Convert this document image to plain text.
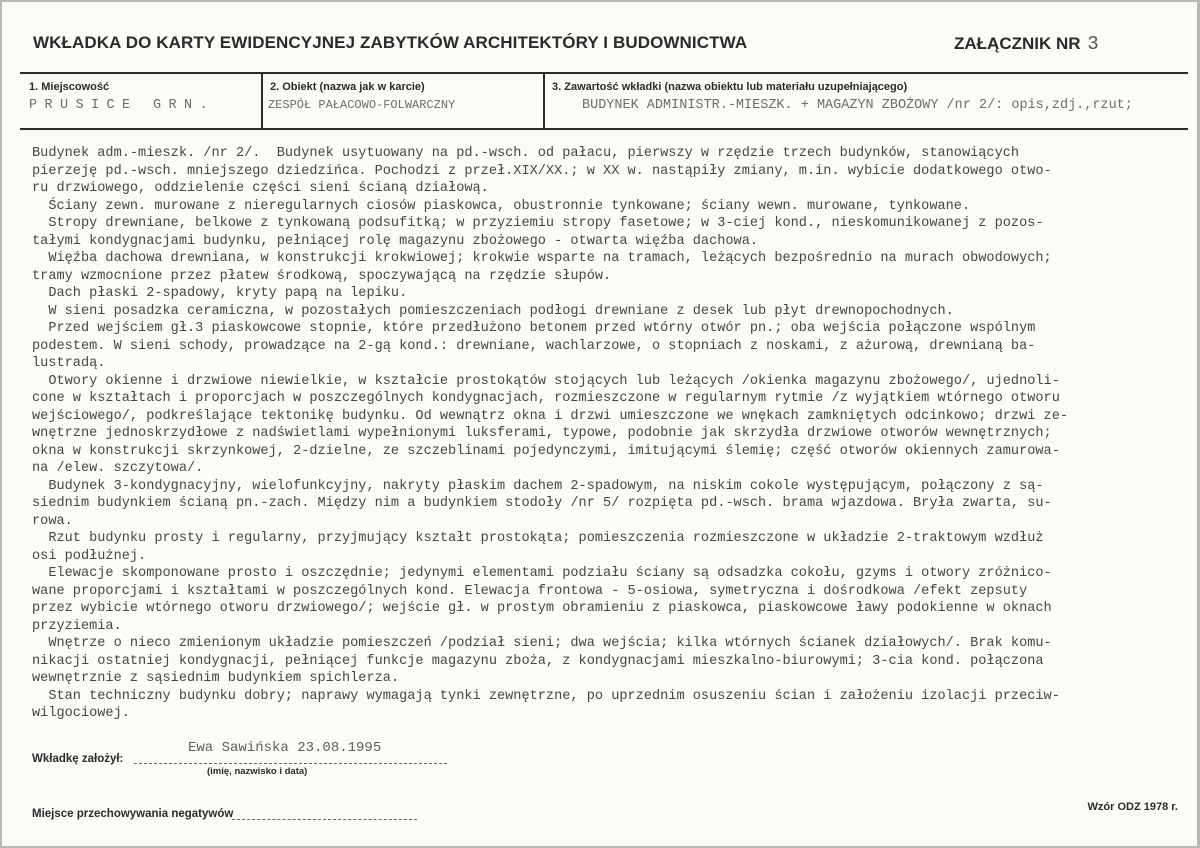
WKŁADKA DO KARTY EWIDENCYJNEJ ZABYTKÓW ARCHITEKTÓRY I BUDOWNICTWA	ZAŁĄCZNIK NR 3
1. Miejscowość
PRUSICE GRN.
2. Obiekt (nazwa jak w karcie)
ZESPÓŁ PAŁACOWO-FOLWARCZNY
3. Zawartość wkładki (nazwa obiektu lub materiału uzupełniającego)
BUDYNEK ADMINISTR.-MIESZK. + MAGAZYN ZBOŻOWY /nr 2/: opis,zdj.,rzut;
Budynek adm.-mieszk. /nr 2/.  Budynek usytuowany na pd.-wsch. od pałacu, pierwszy w rzędzie trzech budynków, stanowiących
pierzeję pd.-wsch. mniejszego dziedzińca. Pochodzi z przeł.XIX/XX.; w XX w. nastąpiły zmiany, m.in. wybicie dodatkowego otwo-
ru drzwiowego, oddzielenie części sieni ścianą działową.
Ściany zewn. murowane z nieregularnych ciosów piaskowca, obustronnie tynkowane; ściany wewn. murowane, tynkowane.
Stropy drewniane, belkowe z tynkowaną podsufitką; w przyziemiu stropy fasetowe; w 3-ciej kond., nieskomunikowanej z pozos-
tałymi kondygnacjami budynku, pełniącej rolę magazynu zbożowego - otwarta więźba dachowa.
Więźba dachowa drewniana, w konstrukcji krokwiowej; krokwie wsparte na tramach, leżących bezpośrednio na murach obwodowych;
tramy wzmocnione przez płatew środkową, spoczywającą na rzędzie słupów.
Dach płaski 2-spadowy, kryty papą na lepiku.
W sieni posadzka ceramiczna, w pozostałych pomieszczeniach podłogi drewniane z desek lub płyt drewnopochodnych.
Przed wejściem gł.3 piaskowcowe stopnie, które przedłużono betonem przed wtórny otwór pn.; oba wejścia połączone wspólnym
podestem. W sieni schody, prowadzące na 2-gą kond.: drewniane, wachlarzowe, o stopniach z noskami, z ażurową, drewnianą ba-
lustradą.
Otwory okienne i drzwiowe niewielkie, w kształcie prostokątów stojących lub leżących /okienka magazynu zbożowego/, ujednoli-
cone w kształtach i proporcjach w poszczególnych kondygnacjach, rozmieszczone w regularnym rytmie /z wyjątkiem wtórnego otworu
wejściowego/, podkreślające tektonikę budynku. Od wewnątrz okna i drzwi umieszczone we wnękach zamkniętych odcinkowo; drzwi ze-
wnętrzne jednoskrzydłowe z nadświetlami wypełnionymi luksferami, typowe, podobnie jak skrzydła drzwiowe otworów wewnętrznych;
okna w konstrukcji skrzynkowej, 2-dzielne, ze szczeblinami pojedynczymi, imitującymi ślemię; część otworów okiennych zamurowa-
na /elew. szczytowa/.
Budynek 3-kondygnacyjny, wielofunkcyjny, nakryty płaskim dachem 2-spadowym, na niskim cokole występującym, połączony z są-
siednim budynkiem ścianą pn.-zach. Między nim a budynkiem stodoły /nr 5/ rozpięta pd.-wsch. brama wjazdowa. Bryła zwarta, su-
rowa.
Rzut budynku prosty i regularny, przyjmujący kształt prostokąta; pomieszczenia rozmieszczone w układzie 2-traktowym wzdłuż
osi podłużnej.
Elewacje skomponowane prosto i oszczędnie; jedynymi elementami podziału ściany są odsadzka cokołu, gzyms i otwory zróżnico-
wane proporcjami i kształtami w poszczególnych kond. Elewacja frontowa - 5-osiowa, symetryczna i dośrodkowa /efekt zepsuty
przez wybicie wtórnego otworu drzwiowego/; wejście gł. w prostym obramieniu z piaskowca, piaskowcowe ławy podokienne w oknach
przyziemia.
Wnętrze o nieco zmienionym układzie pomieszczeń /podział sieni; dwa wejścia; kilka wtórnych ścianek działowych/. Brak komu-
nikacji ostatniej kondygnacji, pełniącej funkcje magazynu zboża, z kondygnacjami mieszkalno-biurowymi; 3-cia kond. połączona
wewnętrznie z sąsiednim budynkiem spichlerza.
Stan techniczny budynku dobry; naprawy wymagają tynki zewnętrzne, po uprzednim osuszeniu ścian i założeniu izolacji przeciw-
wilgociowej.
Wkładkę założył:
Ewa Sawińska 23.08.1995
(imię, nazwisko i data)
Miejsce przechowywania negatywów
Wzór ODZ 1978 r.
